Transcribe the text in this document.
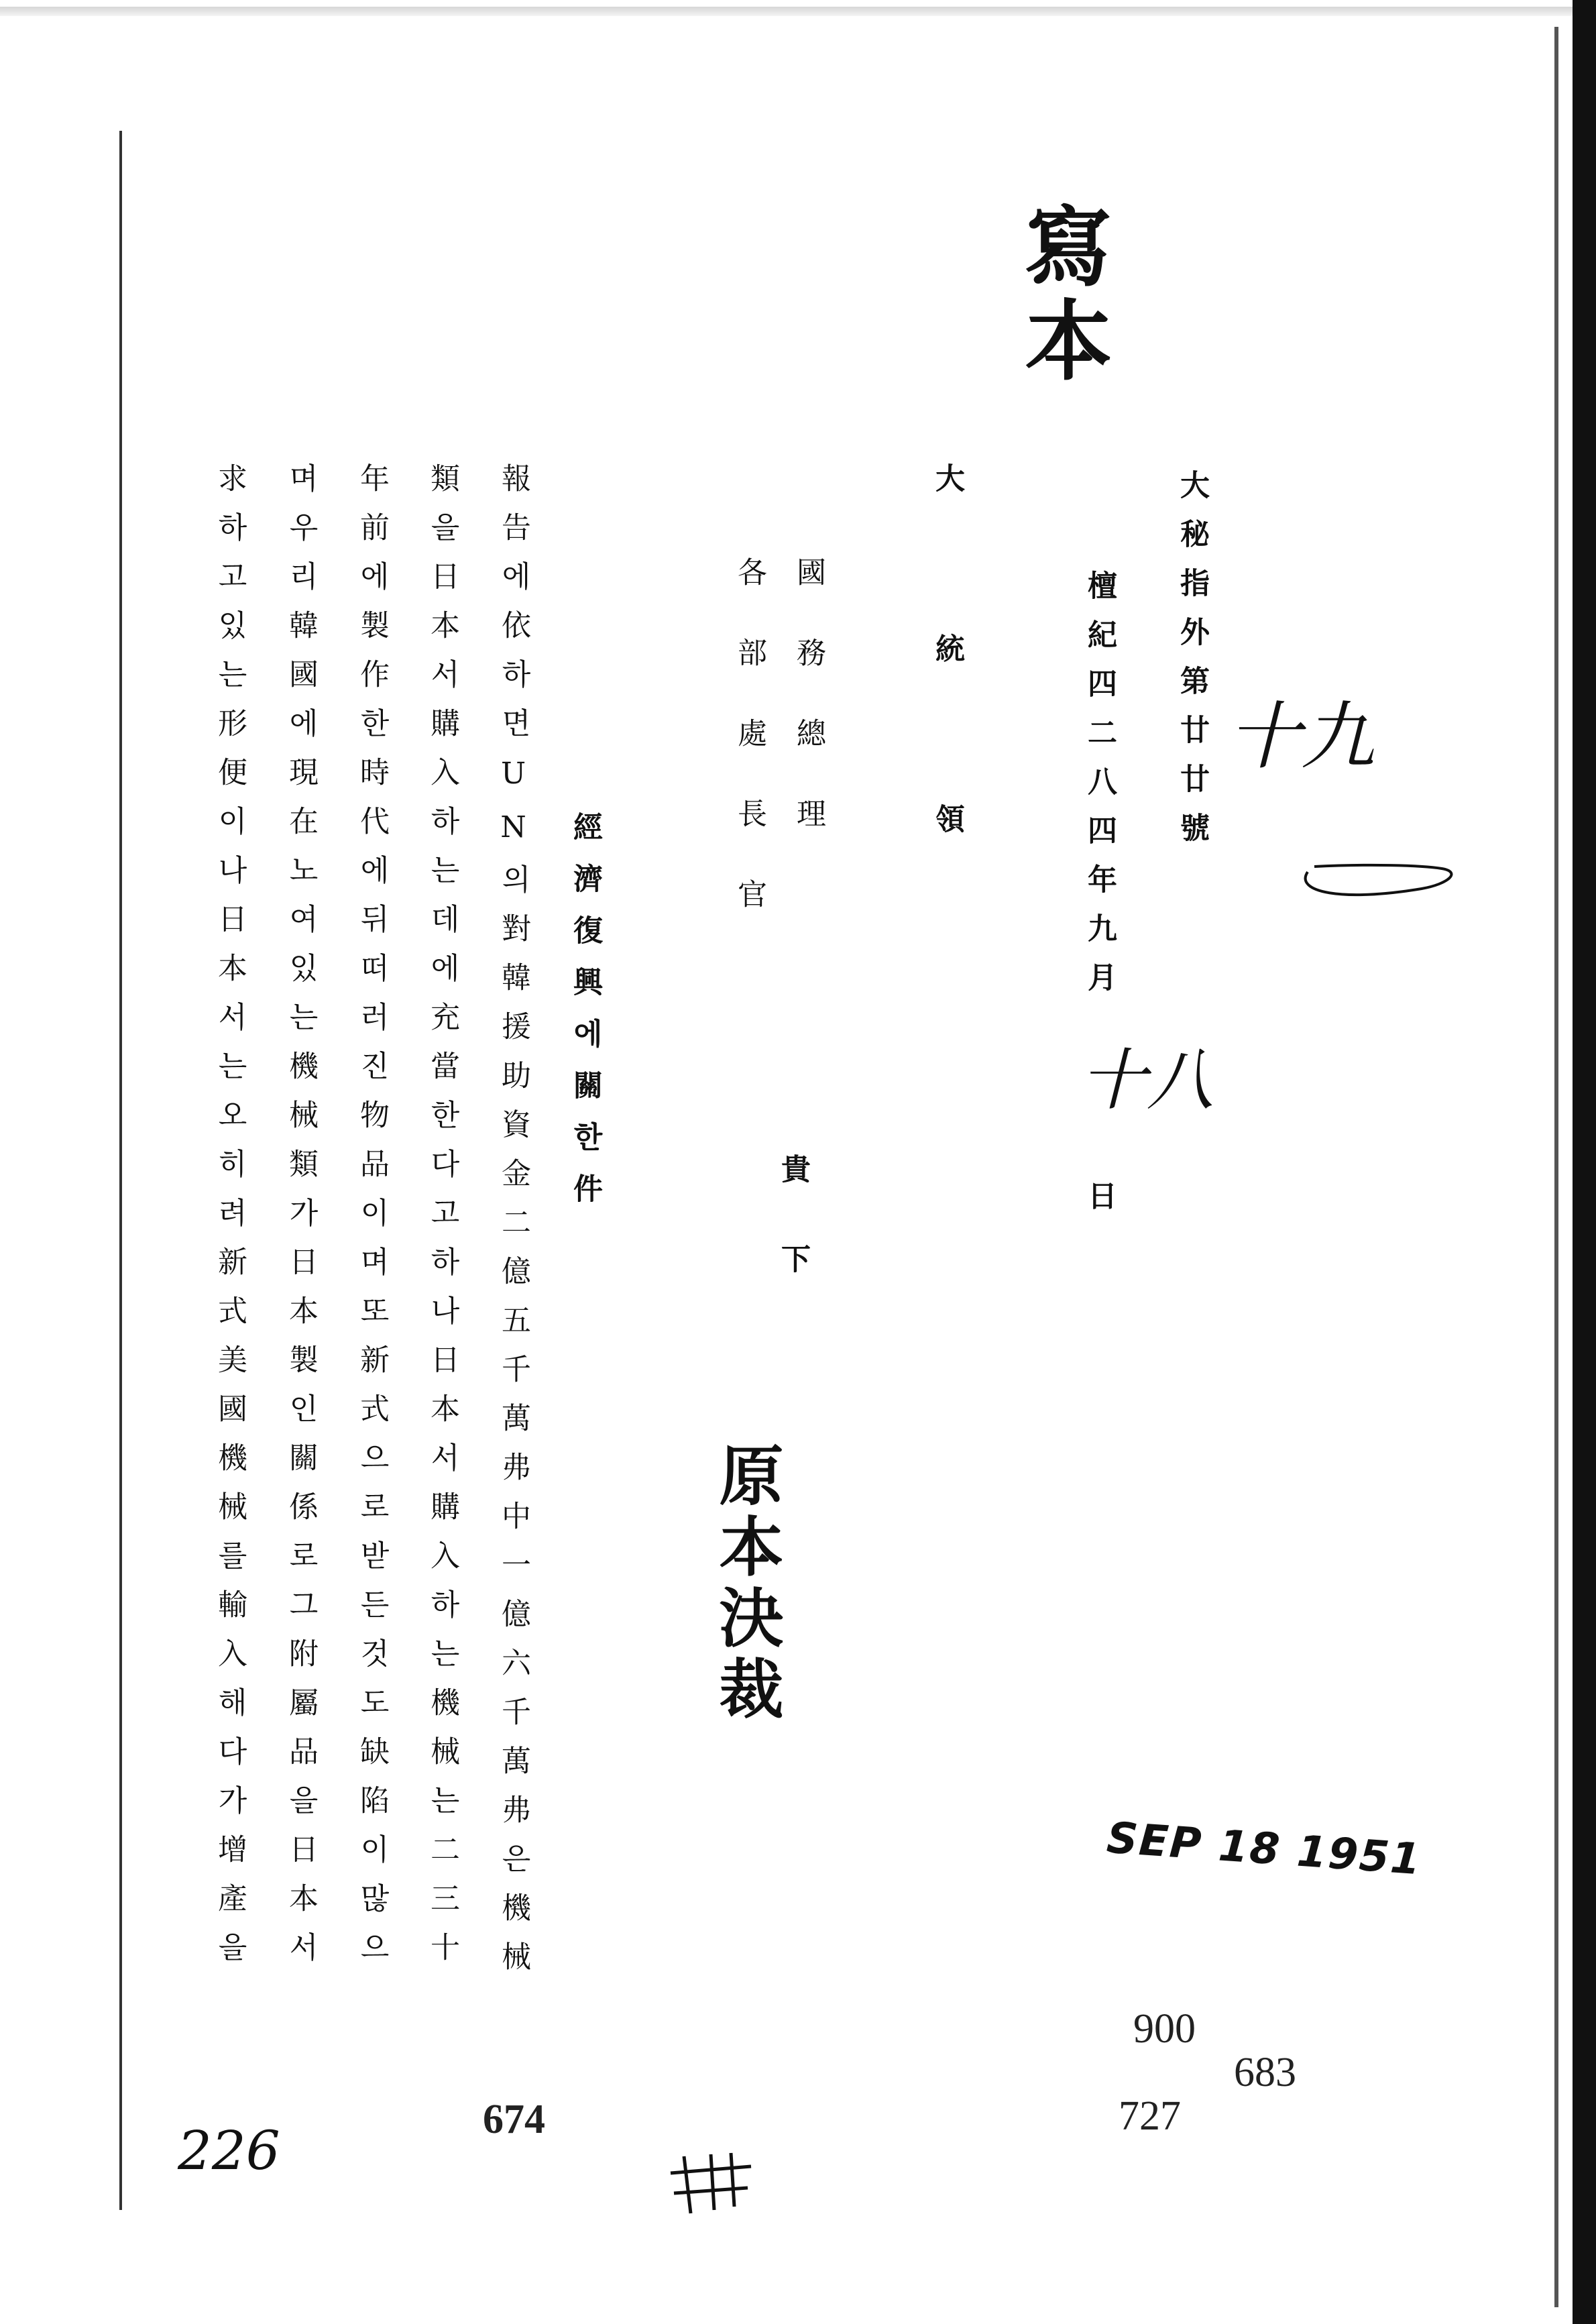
寫本
大秘指外第廿廿號 十九
檀紀四二八四年九月
十八
日
大統領
國務總理
各部處長官
貴下
原本決裁
經濟復興에關한件
報告에依하면UN의對韓援助資金二億五千萬弗中一億六千萬弗은機械
類을日本서購入하는데에充當한다고하나日本서購入하는機械는二三十
年前에製作한時代에뒤떠러진物品이며또新式으로받든것도缺陷이많으
며우리韓國에現在노여있는機械類가日本製인關係로그附屬品을日本서
求하고있는形便이나日本서는오히려新式美國機械를輸入해다가增產을	SEP 18 1951
900
683
727
674
226
